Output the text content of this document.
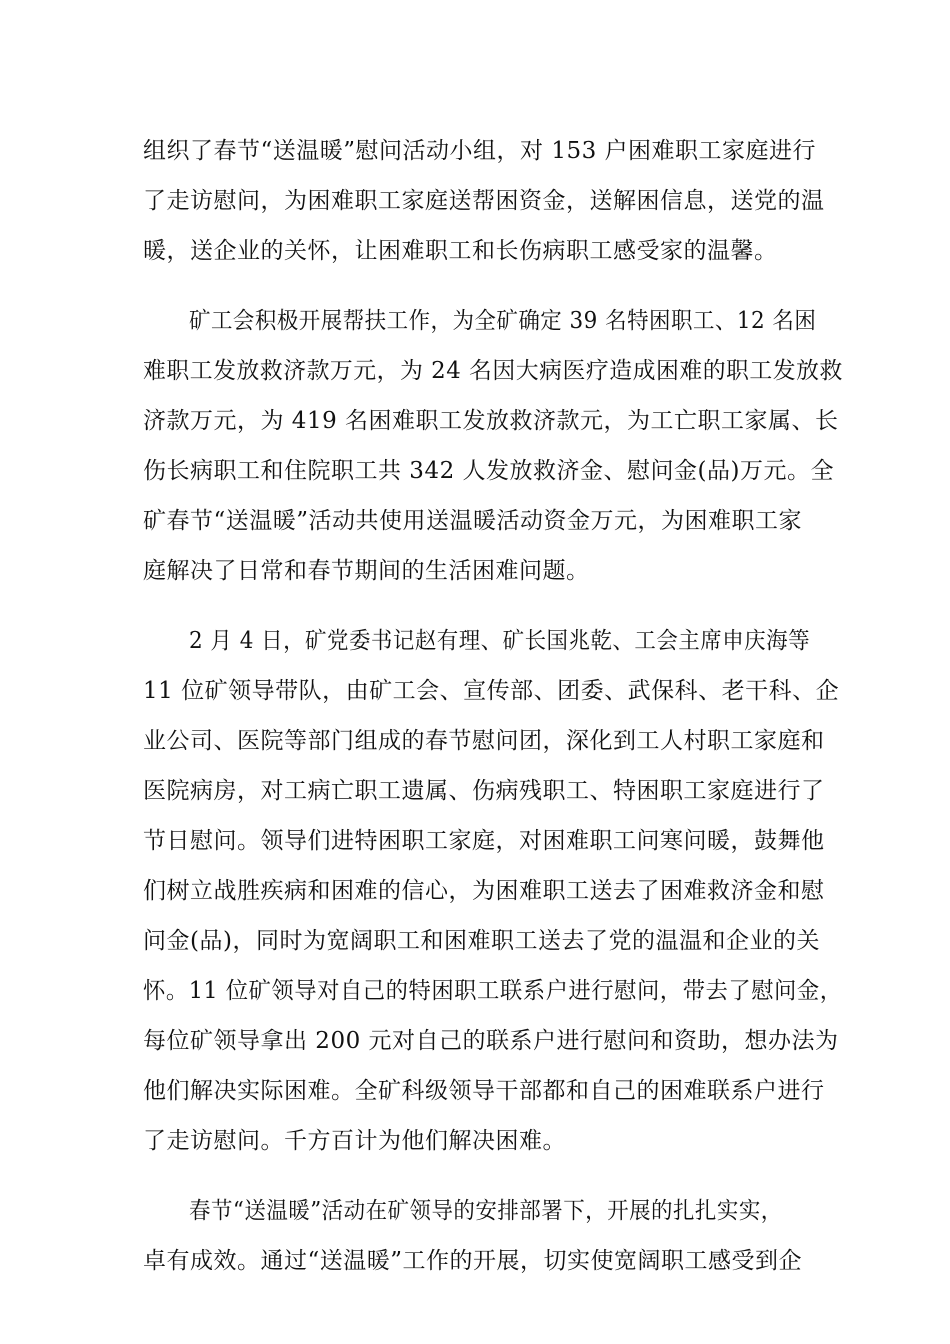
组织了春节“送温暖”慰问活动小组，对 153 户困难职工家庭进行
了走访慰问，为困难职工家庭送帮困资金，送解困信息，送党的温
暖，送企业的关怀，让困难职工和长伤病职工感受家的温馨。
矿工会积极开展帮扶工作，为全矿确定 39 名特困职工、12 名困
难职工发放救济款万元，为 24 名因大病医疗造成困难的职工发放救
济款万元，为 419 名困难职工发放救济款元，为工亡职工家属、长
伤长病职工和住院职工共 342 人发放救济金、慰问金(品)万元。全
矿春节“送温暖”活动共使用送温暖活动资金万元，为困难职工家
庭解决了日常和春节期间的生活困难问题。
2 月 4 日，矿党委书记赵有理、矿长国兆乾、工会主席申庆海等
11 位矿领导带队，由矿工会、宣传部、团委、武保科、老干科、企
业公司、医院等部门组成的春节慰问团，深化到工人村职工家庭和
医院病房，对工病亡职工遗属、伤病残职工、特困职工家庭进行了
节日慰问。领导们进特困职工家庭，对困难职工问寒问暖，鼓舞他
们树立战胜疾病和困难的信心，为困难职工送去了困难救济金和慰
问金(品)，同时为宽阔职工和困难职工送去了党的温温和企业的关
怀。11 位矿领导对自己的特困职工联系户进行慰问，带去了慰问金，
每位矿领导拿出 200 元对自己的联系户进行慰问和资助，想办法为
他们解决实际困难。全矿科级领导干部都和自己的困难联系户进行
了走访慰问。千方百计为他们解决困难。
春节“送温暖”活动在矿领导的安排部署下，开展的扎扎实实，
卓有成效。通过“送温暖”工作的开展，切实使宽阔职工感受到企
